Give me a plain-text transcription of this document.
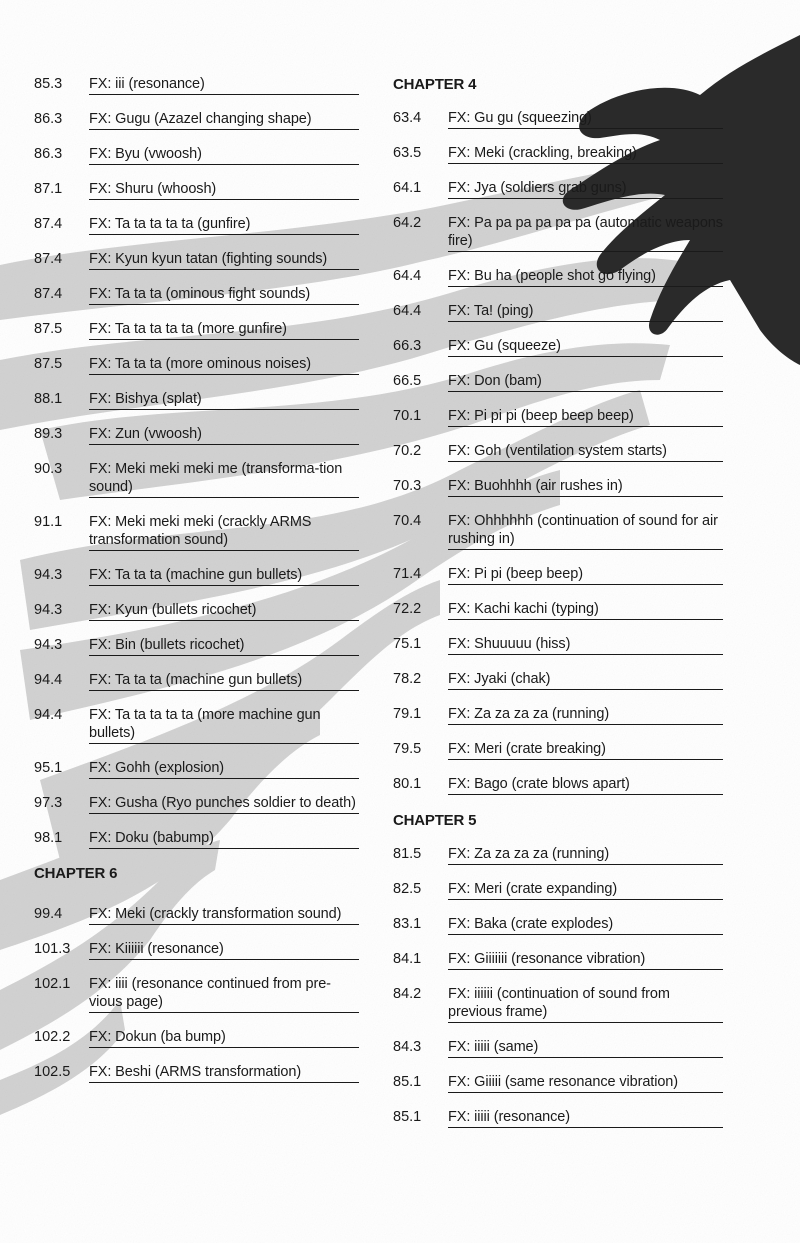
85.3	FX: iii (resonance)
86.3	FX: Gugu (Azazel changing shape)
86.3	FX: Byu (vwoosh)
87.1	FX: Shuru (whoosh)
87.4	FX: Ta ta ta ta ta (gunfire)
87.4	FX: Kyun kyun tatan (fighting sounds)
87.4	FX: Ta ta ta (ominous fight sounds)
87.5	FX: Ta ta ta ta ta (more gunfire)
87.5	FX: Ta ta ta (more ominous noises)
88.1	FX: Bishya (splat)
89.3	FX: Zun (vwoosh)
90.3	FX: Meki meki meki me (transforma-tion sound)
91.1	FX: Meki meki meki (crackly ARMS transformation sound)
94.3	FX: Ta ta ta (machine gun bullets)
94.3	FX: Kyun (bullets ricochet)
94.3	FX: Bin (bullets ricochet)
94.4	FX: Ta ta ta (machine gun bullets)
94.4	FX: Ta ta ta ta ta (more machine gun bullets)
95.1	FX: Gohh (explosion)
97.3	FX: Gusha (Ryo punches soldier to death)
98.1	FX: Doku (babump)
CHAPTER 6
99.4	FX: Meki (crackly transformation sound)
101.3	FX: Kiiiiii (resonance)
102.1	FX: iiii (resonance continued from pre-vious page)
102.2	FX: Dokun (ba bump)
102.5	FX: Beshi (ARMS transformation)
CHAPTER 4
63.4	FX: Gu gu (squeezing)
63.5	FX: Meki (crackling, breaking)
64.1	FX: Jya (soldiers grab guns)
64.2	FX: Pa pa pa pa pa pa (automatic weapons fire)
64.4	FX: Bu ha (people shot go flying)
64.4	FX: Ta! (ping)
66.3	FX: Gu (squeeze)
66.5	FX: Don (bam)
70.1	FX: Pi pi pi (beep beep beep)
70.2	FX: Goh (ventilation system starts)
70.3	FX: Buohhhh (air rushes in)
70.4	FX: Ohhhhhh (continuation of sound for air rushing in)
71.4	FX: Pi pi (beep beep)
72.2	FX: Kachi kachi (typing)
75.1	FX: Shuuuuu (hiss)
78.2	FX: Jyaki (chak)
79.1	FX: Za za za za (running)
79.5	FX: Meri (crate breaking)
80.1	FX: Bago (crate blows apart)
CHAPTER 5
81.5	FX: Za za za za (running)
82.5	FX: Meri (crate expanding)
83.1	FX: Baka (crate explodes)
84.1	FX: Giiiiiii (resonance vibration)
84.2	FX: iiiiii (continuation of sound from previous frame)
84.3	FX: iiiii (same)
85.1	FX: Giiiii (same resonance vibration)
85.1	FX: iiiii (resonance)
